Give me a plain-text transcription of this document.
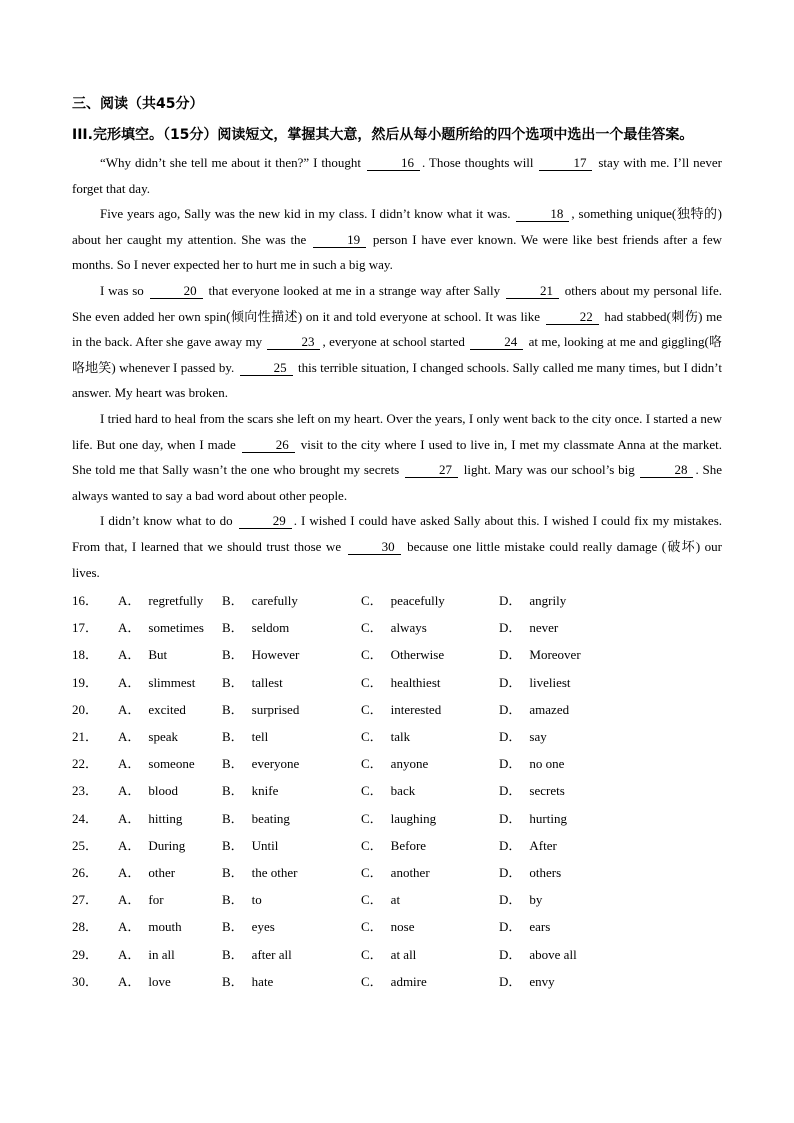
三、阅读（共45分）
III.完形填空。（15分）阅读短文，掌握其大意，然后从每小题所给的四个选项中选出一个最佳答案。

“Why didn’t she tell me about it then?” I thought	16 . Those thoughts will	17 stay with me. I’ll never forget that day.

Five years ago, Sally was the new kid in my class. I didn’t know what it was.	18 , something unique(独特的) about her caught my attention. She was the	19 person I have ever known. We were like best friends after a few months. So I never expected her to hurt me in such a big way.

I was so	20 that everyone looked at me in a strange way after Sally	21 others about my personal life. She even added her own spin(倾向性描述) on it and told everyone at school. It was like	22 had stabbed(刺伤) me in the back. After she gave away my	23 , everyone at school started	24 at me, looking at me and giggling(咯咯地笑) whenever I passed by.	25 this terrible situation, I changed schools. Sally called me many times, but I didn’t answer. My heart was broken.

I tried hard to heal from the scars she left on my heart. Over the years, I only went back to the city once. I started a new life. But one day, when I made	26 visit to the city where I used to live in, I met my classmate Anna at the market. She told me that Sally wasn’t the one who brought my secrets	27 light. Mary was our school’s big	28 . She always wanted to say a bad word about other people.

I didn’t know what to do	29 . I wished I could have asked Sally about this. I wished I could fix my mistakes. From that, I learned that we should trust those we	30 because one little mistake could really damage (破坏) our lives.

16．	A． regretfully	B． carefully	C． peacefully	D． angrily
17．	A． sometimes	B． seldom	C． always	D． never
18．	A． But	B． However	C． Otherwise	D． Moreover
19．	A． slimmest	B． tallest	C． healthiest	D． liveliest
20．	A． excited	B． surprised	C． interested	D． amazed
21．	A． speak	B． tell	C． talk	D． say
22．	A． someone	B． everyone	C． anyone	D． no one
23．	A． blood	B． knife	C． back	D． secrets
24．	A． hitting	B． beating	C． laughing	D． hurting
25．	A． During	B． Until	C． Before	D． After
26．	A． other	B． the other	C． another	D． others
27．	A． for	B． to	C． at	D． by
28．	A． mouth	B． eyes	C． nose	D． ears
29．	A． in all	B． after all	C． at all	D． above all
30．	A． love	B． hate	C． admire	D． envy
